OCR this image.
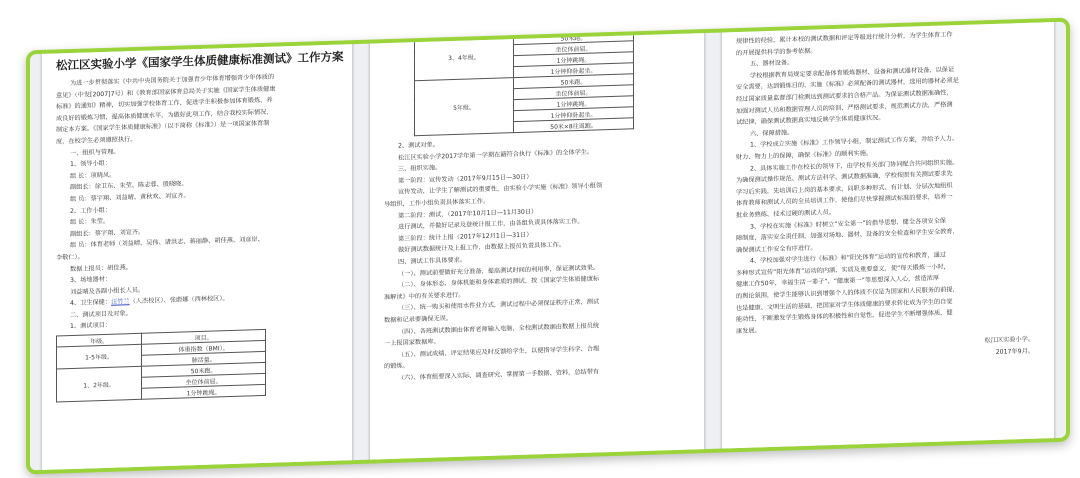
松江区实验小学《国家学生体质健康标准测试》工作方案
为进一步贯彻落实《中共中央国务院关于加强青少年体育增强青少年体质的
意见》（中发[2007]7号）和《教育部国家体育总局关于实施《国家学生体质健康
标准》的通知》精神，切实加强学校体育工作，促进学生积极参加体育锻炼，养
成良好的锻炼习惯，提高体质健康水平，为做好此项工作，结合我校实际情况，
制定本方案。《国家学生体质健康标准》（以下简称《标准》）是一项国家体育制
度，在校学生必须遵照执行。
一、组织与管理。
1、领导小组：
组 长：项晓凤。
副组长：徐卫东、朱莹、陈志蓉、殷晓晓。
组 员：蔡宇翔、刘益晴、黄秋欢、刘宣齐。
2、工作小组：
组 长：朱莹。
副组长：蔡宇翔、刘宣齐。
组 员：体育老师（刘益晴、吴伟、诸洪志、蒋丽静、胡佳燕、刘彦岸、
李敬仁）。
数据上报员：胡佳燕。
3、场地器材：
刘益晴及各副小组长人员。
4、卫生保健：汪竹兰（人杰校区）、张蔚娜（西林校区）。
二、测试项目及对象。
1、测试项目：
年级。	项目。
1-5年级。	体重指数（BMI）。
	肺活量。
1、2年级。	50米跑。
	坐位体前屈。
	1分钟跳绳。
3、4年级。	50米跑。
	坐位体前屈。
	1分钟跳绳。
	1分钟仰卧起坐。
5年级。	50米跑。
	坐位体前屈。
	1分钟跳绳。
	1分钟仰卧起坐。
	50米×8往返跑。
2、测试对象。
松江区实验小学2017学年第一学期在籍符合执行《标准》的全体学生。
三、组织实施。
第一阶段：宣传发动（2017年9月15日—30日）
宣传发动，让学生了解测试的重要性，由实验小学实施《标准》领导小组领
导组织，工作小组负责具体落实工作。
第二阶段：测试，（2017年10月1日—11月30日）
进行测试，并做好记录及登统计报工作，由各组负责具体落实工作。
第三阶段：统计上报（2017年12月1日—31日）
做好测试数据统计及上报工作，由数据上报员负责具体工作。
四、测试工作具体要求。
（一）、测试前要做好充分准备，提高测试时间的利用率，保证测试效果。
（二）、身体形态、身体机能和身体素质的测试，按《国家学生体质健康标
准解读》中的有关要求进行。
（三）、统一购买和使用水件业方式，测试过程中必须保证秩序正常，测试
数据和记录要确保无误。
（四）、各班测试数据由体育老师输入电脑，全校测试数据由数据上报员统
一上报国家数据库。
（五）、测试成绩、评定结果应及时反馈给学生，以便指导学生科学、合理
的锻炼。
（六）、体育组要深入实际、调查研究、掌握第一手数据、资料，总结带有
规律性的经验，累计本校的测试数据和评定等级进行统计分析，为学生体育工作
的开展提供科学的参考依据。
五、器材设备。
学校根据教育局规定要求配备体育锻炼器材、设备和测试器材设备，以保证
安全需要，达到锻炼目的，实施《标准》必须配备的测试器材，选用的器材必须是
经过国家质量监督部门检测达到测试要求的合格产品。为保证测试数据准确性，
加强对测试人员和数据管理人员的培训、严格测试要求，规范测试方法，严格测
试纪律，确保测试数据真实地反映学生体质健康状况。
六、保障措施。
1、学校成立实施《标准》工作领导小组，制定测试工作方案，并给予人力、
财力、物力上的保障，确保《标准》的顺利实施。
2、具体实施工作在校长的领导下，由学校有关部门协同配合共同组织实施。
为确保测试操作规范、测试方法科学、测试数据准确，学校按照有关测试要求先
学习后实践，先培训后上岗的基本要求，同职多种形式、有计划、分层次地组织
体育教师和测试人员的全员培训工作，使他们尽快掌握测试标准的要求，培养一
批业务熟练、技术过硬的测试人员。
3、学校在实施《标准》时树立“安全第一”的指导思想，健全各项安全保
障制度，落实安全责任制，加强对场地、器材、设备的安全检查和学生安全教育，
确保测试工作安全有序进行。
4、学校加强对学生进行《标准》和“阳光体育”运动的宣传和教育，通过
多种形式宣传“阳光体育”运动的内涵、实质及重要意义，使“每天锻炼一小时，
健康工作50年，幸福生活一辈子”、“健康第一”等思想深入人心，营造浓厚
的舆论氛围，使学生能够认识到增强个人的体质不仅是为国家和人民服务的前提，
也是健康、文明生活的基础，把国家对学生体质健康的要求转化成为学生的自觉
能动性，不断激发学生锻炼身体的积极性和自觉性，促进学生不断增强体质，健
康发展。
松江区实验小学。
2017年9月。
